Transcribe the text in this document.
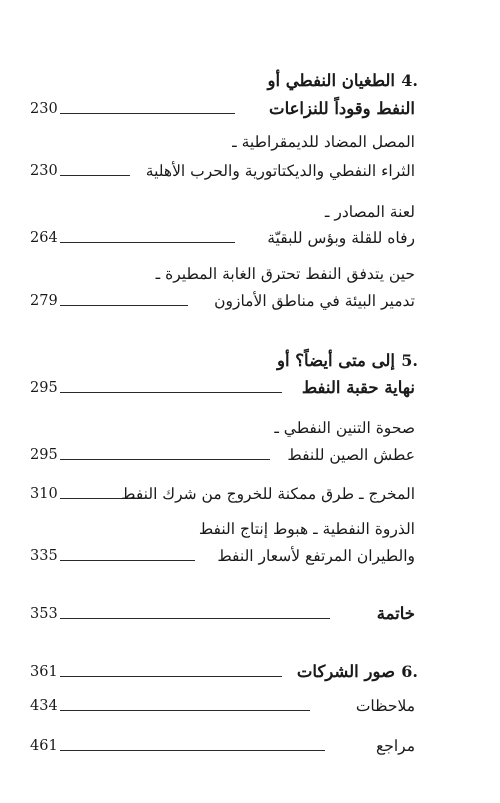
4.
الطغيان النفطي أو
230	النفط وقوداً للنزاعات
المصل المضاد للديمقراطية ـ
230	الثراء النفطي والديكتاتورية والحرب الأهلية
لعنة المصادر ـ
264	رفاه للقلة وبؤس للبقيّة
حين يتدفق النفط تحترق الغابة المطيرة ـ
279	تدمير البيئة في مناطق الأمازون
5.
إلى متى أيضاً؟ أو
295	نهاية حقبة النفط
صحوة التنين النفطي ـ
295	عطش الصين للنفط
310	المخرج ـ طرق ممكنة للخروج من شرك النفط
الذروة النفطية ـ هبوط إنتاج النفط
335	والطيران المرتفع لأسعار النفط
353	خاتمة
361	صور الشركات 6.
434	ملاحظات
461	مراجع
